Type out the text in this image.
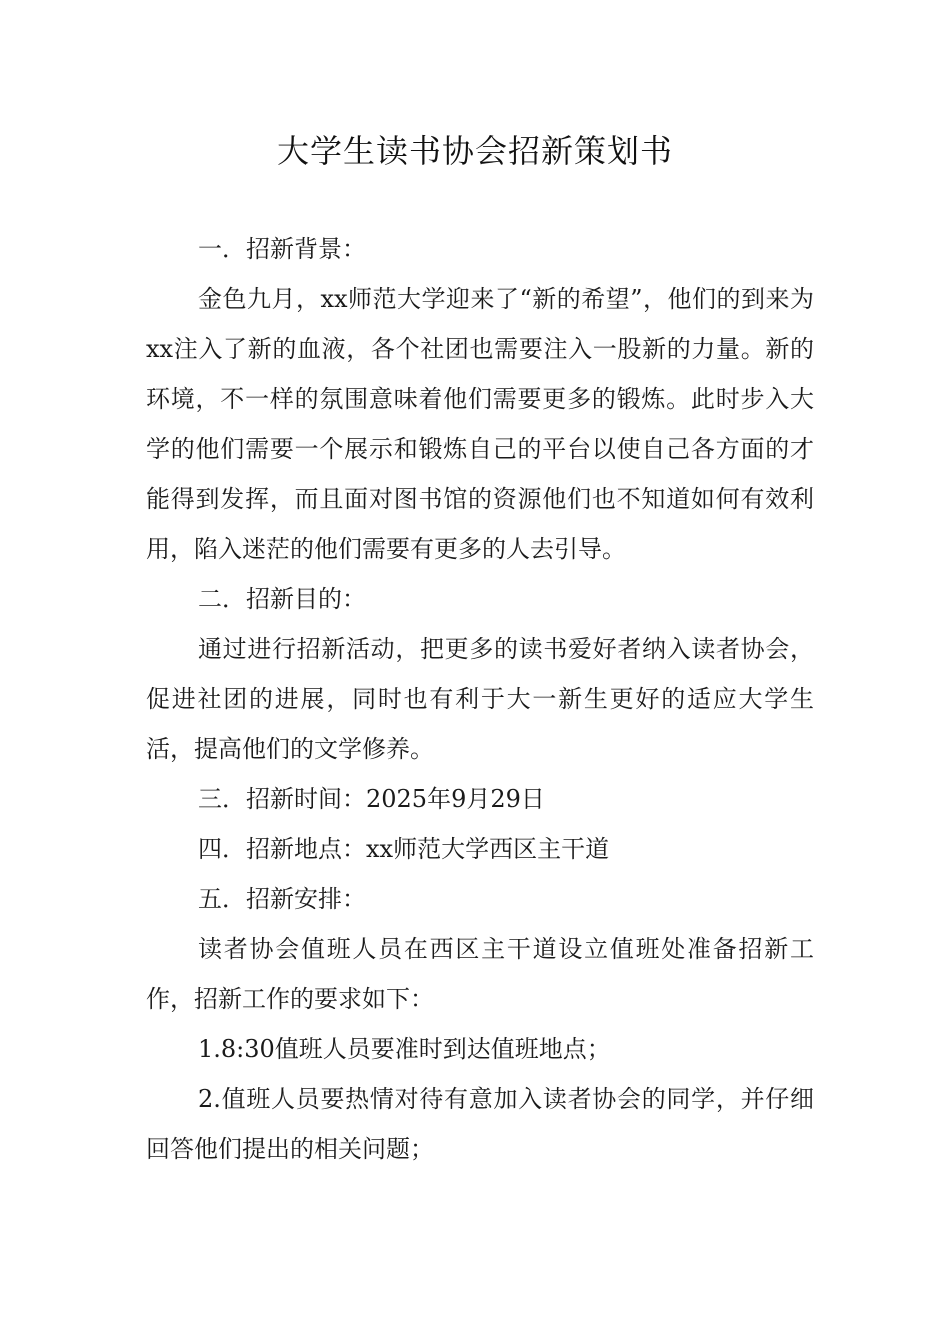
大学生读书协会招新策划书

一．招新背景：

金色九月，xx师范大学迎来了“新的希望”，他们的到来为xx注入了新的血液，各个社团也需要注入一股新的力量。新的环境，不一样的氛围意味着他们需要更多的锻炼。此时步入大学的他们需要一个展示和锻炼自己的平台以使自己各方面的才能得到发挥，而且面对图书馆的资源他们也不知道如何有效利用，陷入迷茫的他们需要有更多的人去引导。

二．招新目的：

通过进行招新活动，把更多的读书爱好者纳入读者协会，促进社团的进展，同时也有利于大一新生更好的适应大学生活，提高他们的文学修养。

三．招新时间：2025年9月29日

四．招新地点：xx师范大学西区主干道

五．招新安排：

读者协会值班人员在西区主干道设立值班处准备招新工作，招新工作的要求如下：

1.8:30值班人员要准时到达值班地点；

2.值班人员要热情对待有意加入读者协会的同学，并仔细回答他们提出的相关问题；
